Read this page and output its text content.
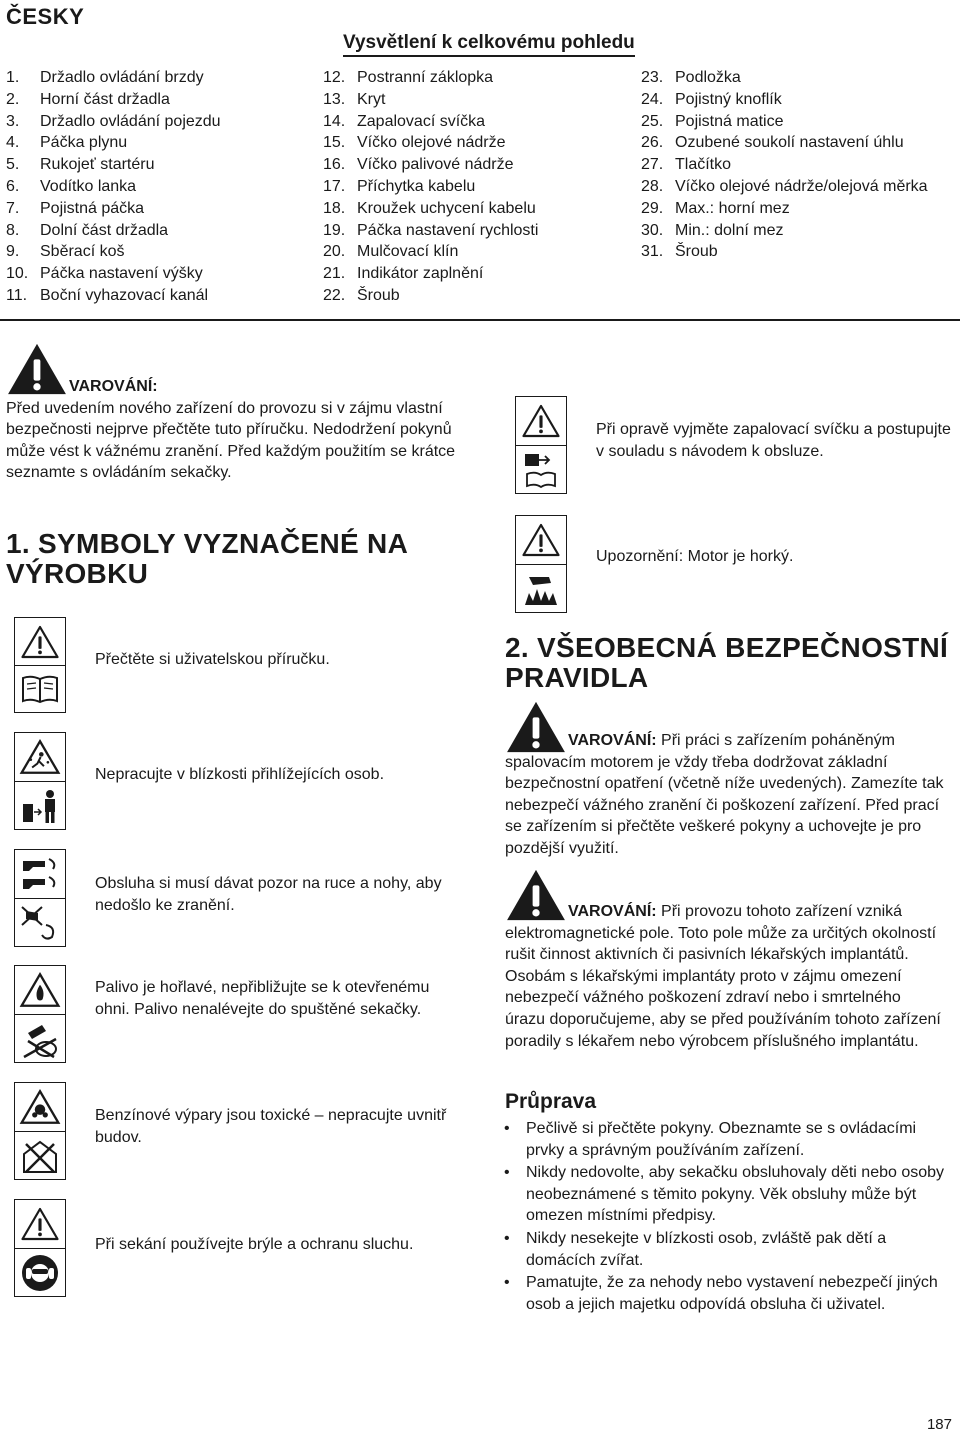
ČESKY
Vysvětlení k celkovému pohledu
1.	Držadlo ovládání brzdy
2.	Horní část držadla
3.	Držadlo ovládání pojezdu
4.	Páčka plynu
5.	Rukojeť startéru
6.	Vodítko lanka
7.	Pojistná páčka
8.	Dolní část držadla
9.	Sběrací koš
10. Páčka nastavení výšky
11. Boční vyhazovací kanál
12. Postranní záklopka
13. Kryt
14. Zapalovací svíčka
15. Víčko olejové nádrže
16. Víčko palivové nádrže
17. Příchytka kabelu
18. Kroužek uchycení kabelu
19. Páčka nastavení rychlosti
20. Mulčovací klín
21. Indikátor zaplnění
22. Šroub
23. Podložka
24. Pojistný knoflík
25. Pojistná matice
26. Ozubené soukolí nastavení úhlu
27. Tlačítko
28. Víčko olejové nádrže/olejová měrka
29. Max.: horní mez
30. Min.: dolní mez
31. Šroub
VAROVÁNÍ:
Před uvedením nového zařízení do provozu si v zájmu vlastní bezpečnosti nejprve přečtěte tuto příručku. Nedodržení pokynů může vést k vážnému zranění. Před každým použitím se krátce seznamte s ovládáním sekačky.
1. SYMBOLY VYZNAČENÉ NA VÝROBKU
Přečtěte si uživatelskou příručku.
Nepracujte v blízkosti přihlížejících osob.
Obsluha si musí dávat pozor na ruce a nohy, aby nedošlo ke zranění.
Palivo je hořlavé, nepřibližujte se k otevřenému ohni. Palivo nenalévejte do spuštěné sekačky.
Benzínové výpary jsou toxické – nepracujte uvnitř budov.
Při sekání používejte brýle a ochranu sluchu.
Při opravě vyjměte zapalovací svíčku a postupujte v souladu s návodem k obsluze.
Upozornění: Motor je horký.
2. VŠEOBECNÁ BEZPEČNOSTNÍ PRAVIDLA
VAROVÁNÍ: Při práci s zařízením poháněným spalovacím motorem je vždy třeba dodržovat základní bezpečnostní opatření (včetně níže uvedených). Zamezíte tak nebezpečí vážného zranění či poškození zařízení. Před prací se zařízením si přečtěte veškeré pokyny a uchovejte je pro pozdější využití.
VAROVÁNÍ: Při provozu tohoto zařízení vzniká elektromagnetické pole. Toto pole může za určitých okolností rušit činnost aktivních či pasivních lékařských implantátů. Osobám s lékařskými implantáty proto v zájmu omezení nebezpečí vážného poškození zdraví nebo i smrtelného úrazu doporučujeme, aby se před používáním tohoto zařízení poradily s lékařem nebo výrobcem příslušného implantátu.
Průprava
• Pečlivě si přečtěte pokyny. Obeznamte se s ovládacími prvky a správným používáním zařízení.
• Nikdy nedovolte, aby sekačku obsluhovaly děti nebo osoby neobeznámené s těmito pokyny. Věk obsluhy může být omezen místními předpisy.
• Nikdy nesekejte v blízkosti osob, zvláště pak dětí a domácích zvířat.
• Pamatujte, že za nehody nebo vystavení nebezpečí jiných osob a jejich majetku odpovídá obsluha či uživatel.
187
